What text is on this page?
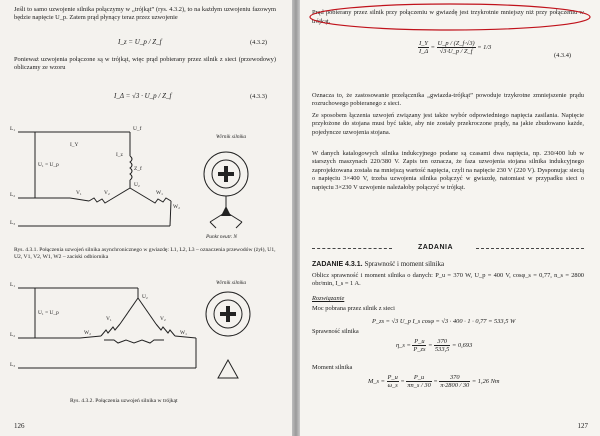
Jeśli to samo uzwojenie silnika połączymy w „trójkąt” (rys. 4.3.2), to na każdym uzwojeniu fazowym będzie napięcie U_p. Zatem prąd płynący teraz przez uzwojenie
I_z = U_p / Z_f	(4.3.2)
Ponieważ uzwojenia połączone są w trójkąt, więc prąd pobierany przez silnik z sieci (przewodowy) obliczamy ze wzoru
I_Δ = √3 · U_p / Z_f	(4.3.3)
L₁
L₂
L₃
U₁ = U_p
U_f
Z_f
U₂
V₁	V₂	W₁
W₂
I_Y
I_z
Wirnik silnika
Punkt neutr. N
Rys. 4.3.1. Połączenia uzwojeń silnika asynchronicznego w gwiazdę: L1, L2, L3 – oznaczenia przewodów (żył), U1, U2, V1, V2, W1, W2 – zaciski odbiornika
L₁
L₂
L₃
U₁ = U_p
U₂
V₁	V₂
W₂	W₁
Wirnik silnika
Rys. 4.3.2. Połączenia uzwojeń silnika w trójkąt
126
Prąd pobierany przez silnik przy połączeniu w gwiazdę jest trzykrotnie mniejszy niż przy połączeniu w trójkąt.
$\frac{I\_Y}{I\_\Delta} = \frac{U\_p / (Z\_f\cdot√3)}{√3\cdot U\_p / Z\_f} = 1/3$
(4.3.4)
Oznacza to, że zastosowanie przełącznika „gwiazda-trójkąt” powoduje trzykrotne zmniejszenie prądu rozruchowego pobieranego z sieci.
Ze sposobem łączenia uzwojeń związany jest także wybór odpowiedniego napięcia zasilania. Napięcie przyłożone do stojana musi być takie, aby nie zostały przekroczone prądy, na jakie zbudowano każde, pojedyncze uzwojenia stojana.
W danych katalogowych silnika indukcyjnego podane są czasami dwa napięcia, np. 230/400 lub w starszych maszynach 220/380 V. Zapis ten oznacza, że faza uzwojenia stojana silnika indukcyjnego zaprojektowana została na mniejszą wartość napięcia, czyli na napięcie 230 V (220 V). Dysponując siecią o napięciu 3×400 V, trzeba uzwojenia silnika połączyć w gwiazdę, natomiast w przypadku sieci o napięciu 3×230 V uzwojenie należałoby połączyć w trójkąt.
ZADANIA
ZADANIE 4.3.1. Sprawność i moment silnika
Oblicz sprawność i moment silnika o danych: P_u = 370 W, U_p = 400 V, cosφ_s = 0,77, n_s = 2800 obr/min, I_s = 1 A.
Rozwiązanie
Moc pobrana przez silnik z sieci
P_zs = √3 U_p I_s cosφ = √3 · 400 · 1 · 0,77 = 533,5 W
Sprawność silnika
η_s = $\frac{P\_u}{P\_zs} = \frac{370}{533,5} = 0,693$
Moment silnika
M_s = $\frac{P\_u}{\omega\_s} = \frac{P\_u}{\pi n\_s / 30} = \frac{370}{\pi\cdot 2800 / 30} = 1,26$ Nm
127
